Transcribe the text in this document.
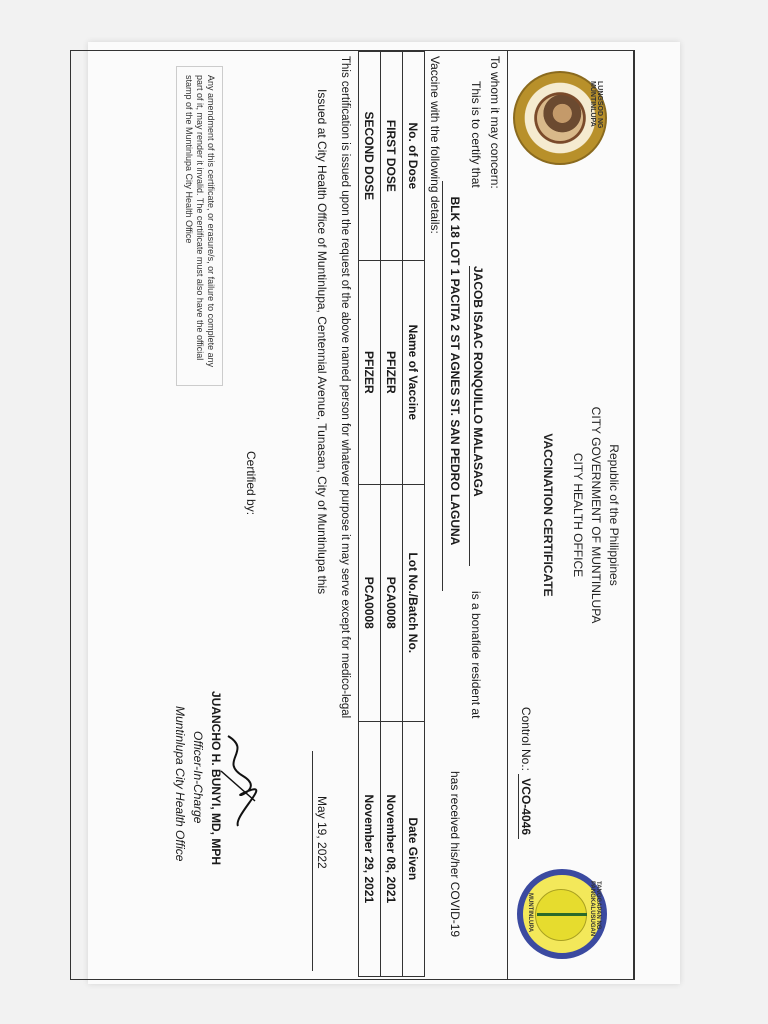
LUNGSOD NG MUNTINLUPA
TANGGAPAN NG PANGKALUSUGAN
MUNTINLUPA
Republic of the Philippines
CITY GOVERNMENT OF MUNTINLUPA
CITY HEALTH OFFICE
VACCINATION CERTIFICATE
Control No.: VCO-4046
To whom it may concern:
This is to certify that
JACOB ISAAC RONQUILLO MALASAGA
is a bonafide resident at
BLK 18 LOT 1 PACITA 2 ST AGNES ST. SAN PEDRO LAGUNA
has received his/her COVID-19
Vaccine with the following details:
No. of Dose	Name of Vaccine	Lot No./Batch No.	Date Given
FIRST DOSE	PFIZER	PCA0008	November 08, 2021
SECOND DOSE	PFIZER	PCA0008	November 29, 2021
This certification is issued upon the request of the above named person for whatever purpose it may serve except for medico-legal
Issued at City Health Office of Muntinlupa, Centennial Avenue, Tunasan, City of Muntinlupa this
May 19, 2022
Certified by:
JUANCHO H. BUNYI, MD, MPH
Officer-In-Charge
Muntinlupa City Health Office
Any amendment of this certificate, or erasure/s, or failure to complete any part of it, may render it invalid. The certificate must also have the official stamp of the Muntinlupa City Health Office
